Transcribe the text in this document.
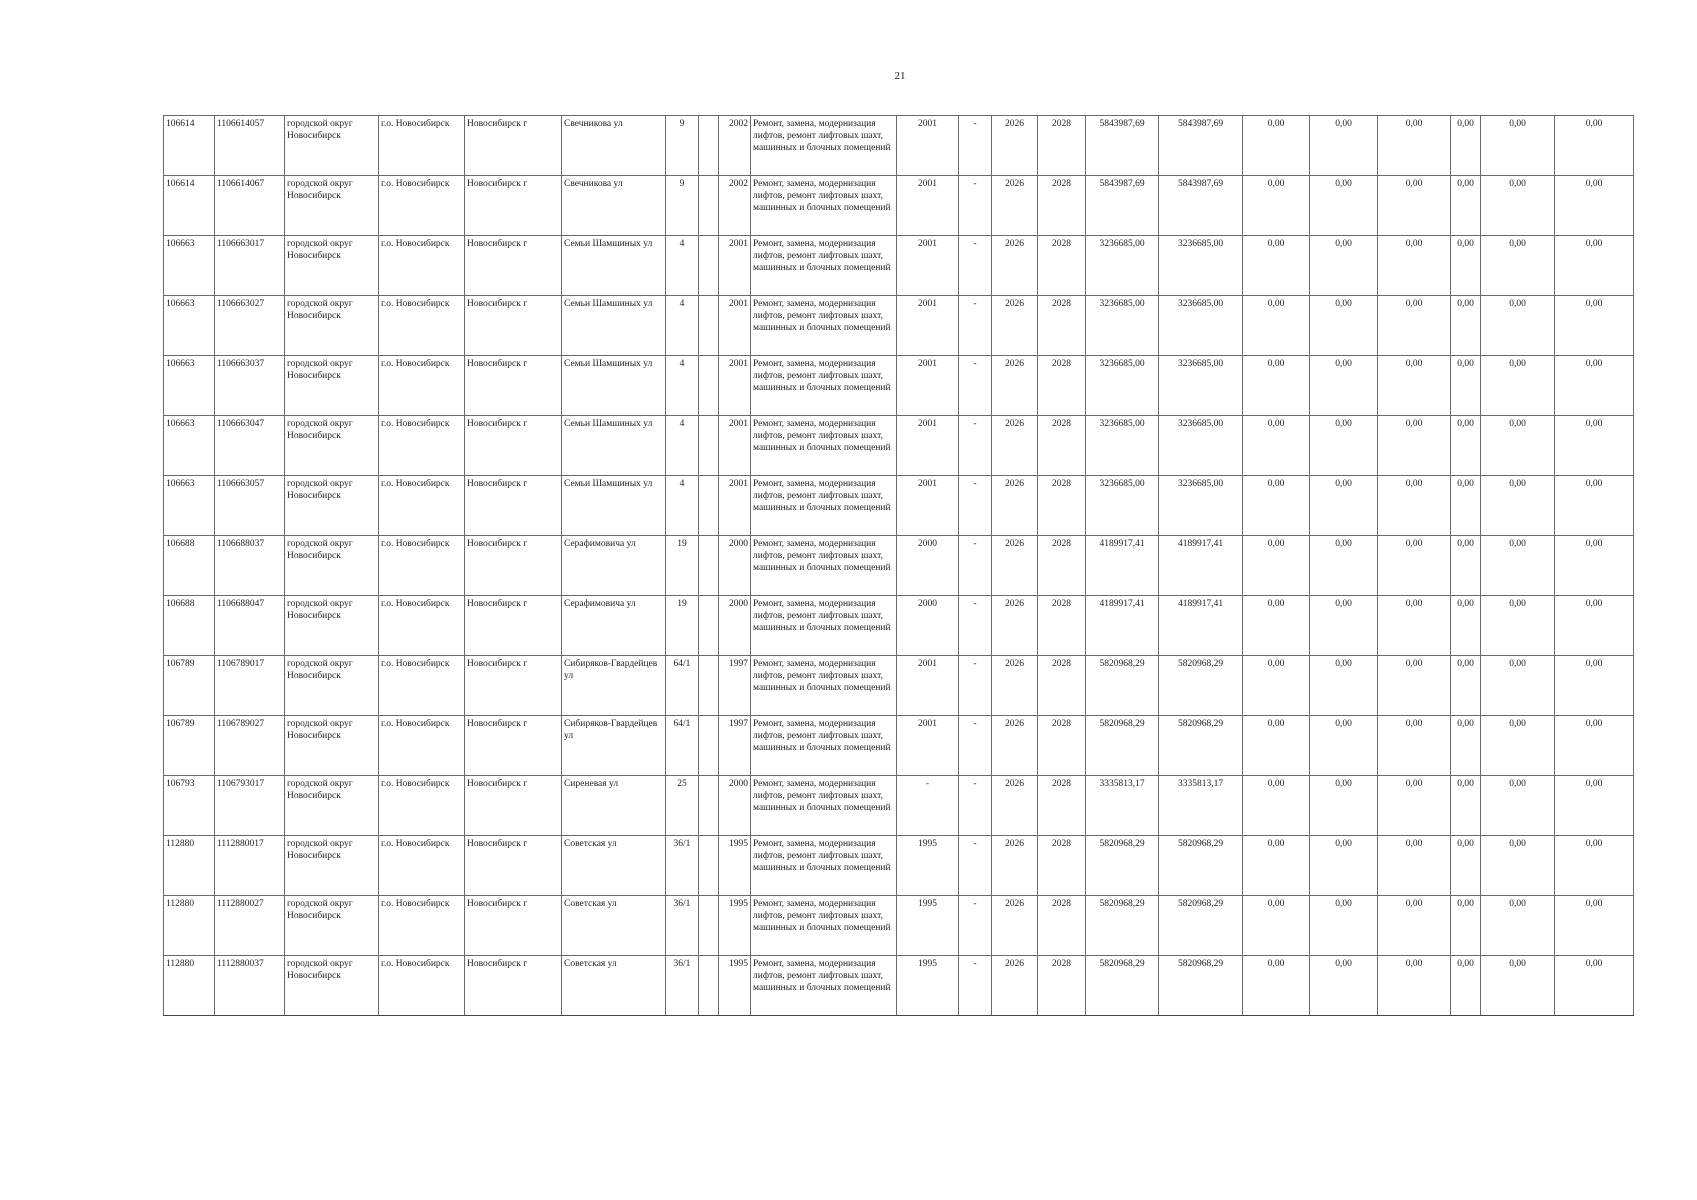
21
106614	1106614057	городской округ Новосибирск	г.о. Новосибирск	Новосибирск г	Свечникова ул	9		2002	Ремонт, замена, модернизация лифтов, ремонт лифтовых шахт, машинных и блочных помещений	2001	-	2026	2028	5843987,69	5843987,69	0,00	0,00	0,00	0,00	0,00	0,00
106614	1106614067	городской округ Новосибирск	г.о. Новосибирск	Новосибирск г	Свечникова ул	9		2002	Ремонт, замена, модернизация лифтов, ремонт лифтовых шахт, машинных и блочных помещений	2001	-	2026	2028	5843987,69	5843987,69	0,00	0,00	0,00	0,00	0,00	0,00
106663	1106663017	городской округ Новосибирск	г.о. Новосибирск	Новосибирск г	Семьи Шамшиных ул	4		2001	Ремонт, замена, модернизация лифтов, ремонт лифтовых шахт, машинных и блочных помещений	2001	-	2026	2028	3236685,00	3236685,00	0,00	0,00	0,00	0,00	0,00	0,00
106663	1106663027	городской округ Новосибирск	г.о. Новосибирск	Новосибирск г	Семьи Шамшиных ул	4		2001	Ремонт, замена, модернизация лифтов, ремонт лифтовых шахт, машинных и блочных помещений	2001	-	2026	2028	3236685,00	3236685,00	0,00	0,00	0,00	0,00	0,00	0,00
106663	1106663037	городской округ Новосибирск	г.о. Новосибирск	Новосибирск г	Семьи Шамшиных ул	4		2001	Ремонт, замена, модернизация лифтов, ремонт лифтовых шахт, машинных и блочных помещений	2001	-	2026	2028	3236685,00	3236685,00	0,00	0,00	0,00	0,00	0,00	0,00
106663	1106663047	городской округ Новосибирск	г.о. Новосибирск	Новосибирск г	Семьи Шамшиных ул	4		2001	Ремонт, замена, модернизация лифтов, ремонт лифтовых шахт, машинных и блочных помещений	2001	-	2026	2028	3236685,00	3236685,00	0,00	0,00	0,00	0,00	0,00	0,00
106663	1106663057	городской округ Новосибирск	г.о. Новосибирск	Новосибирск г	Семьи Шамшиных ул	4		2001	Ремонт, замена, модернизация лифтов, ремонт лифтовых шахт, машинных и блочных помещений	2001	-	2026	2028	3236685,00	3236685,00	0,00	0,00	0,00	0,00	0,00	0,00
106688	1106688037	городской округ Новосибирск	г.о. Новосибирск	Новосибирск г	Серафимовича ул	19		2000	Ремонт, замена, модернизация лифтов, ремонт лифтовых шахт, машинных и блочных помещений	2000	-	2026	2028	4189917,41	4189917,41	0,00	0,00	0,00	0,00	0,00	0,00
106688	1106688047	городской округ Новосибирск	г.о. Новосибирск	Новосибирск г	Серафимовича ул	19		2000	Ремонт, замена, модернизация лифтов, ремонт лифтовых шахт, машинных и блочных помещений	2000	-	2026	2028	4189917,41	4189917,41	0,00	0,00	0,00	0,00	0,00	0,00
106789	1106789017	городской округ Новосибирск	г.о. Новосибирск	Новосибирск г	Сибиряков-Гвардейцев ул	64/1		1997	Ремонт, замена, модернизация лифтов, ремонт лифтовых шахт, машинных и блочных помещений	2001	-	2026	2028	5820968,29	5820968,29	0,00	0,00	0,00	0,00	0,00	0,00
106789	1106789027	городской округ Новосибирск	г.о. Новосибирск	Новосибирск г	Сибиряков-Гвардейцев ул	64/1		1997	Ремонт, замена, модернизация лифтов, ремонт лифтовых шахт, машинных и блочных помещений	2001	-	2026	2028	5820968,29	5820968,29	0,00	0,00	0,00	0,00	0,00	0,00
106793	1106793017	городской округ Новосибирск	г.о. Новосибирск	Новосибирск г	Сиреневая ул	25		2000	Ремонт, замена, модернизация лифтов, ремонт лифтовых шахт, машинных и блочных помещений	-	-	2026	2028	3335813,17	3335813,17	0,00	0,00	0,00	0,00	0,00	0,00
112880	1112880017	городской округ Новосибирск	г.о. Новосибирск	Новосибирск г	Советская ул	36/1		1995	Ремонт, замена, модернизация лифтов, ремонт лифтовых шахт, машинных и блочных помещений	1995	-	2026	2028	5820968,29	5820968,29	0,00	0,00	0,00	0,00	0,00	0,00
112880	1112880027	городской округ Новосибирск	г.о. Новосибирск	Новосибирск г	Советская ул	36/1		1995	Ремонт, замена, модернизация лифтов, ремонт лифтовых шахт, машинных и блочных помещений	1995	-	2026	2028	5820968,29	5820968,29	0,00	0,00	0,00	0,00	0,00	0,00
112880	1112880037	городской округ Новосибирск	г.о. Новосибирск	Новосибирск г	Советская ул	36/1		1995	Ремонт, замена, модернизация лифтов, ремонт лифтовых шахт, машинных и блочных помещений	1995	-	2026	2028	5820968,29	5820968,29	0,00	0,00	0,00	0,00	0,00	0,00
